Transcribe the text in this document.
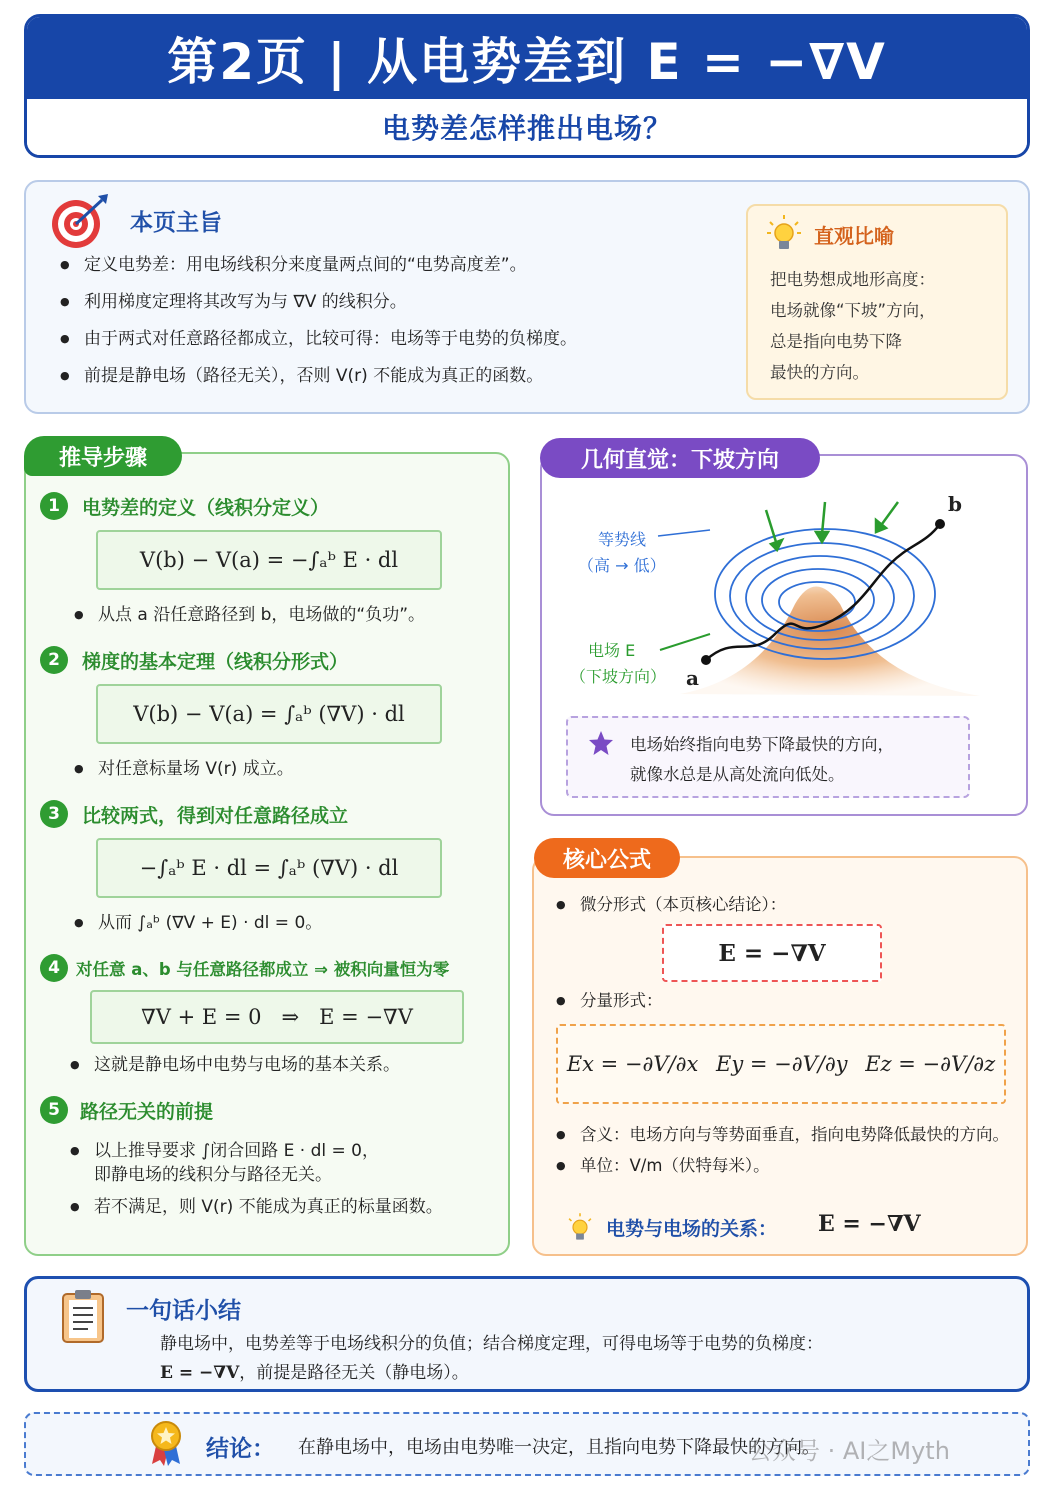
第2页 | 从电势差到 E = −∇V
电势差怎样推出电场？
本页主旨
● 定义电势差：用电场线积分来度量两点间的“电势高度差”。
● 利用梯度定理将其改写为与 ∇V 的线积分。
● 由于两式对任意路径都成立，比较可得：电场等于电势的负梯度。
● 前提是静电场（路径无关），否则 V(r) 不能成为真正的函数。
直观比喻
把电势想成地形高度：
电场就像“下坡”方向，
总是指向电势下降
最快的方向。
推导步骤
1	电势差的定义（线积分定义）
V(b) − V(a) = −∫ₐᵇ E · dl
● 从点 a 沿任意路径到 b，电场做的“负功”。
2	梯度的基本定理（线积分形式）
V(b) − V(a) = ∫ₐᵇ (∇V) · dl
● 对任意标量场 V(r) 成立。
3	比较两式，得到对任意路径成立
−∫ₐᵇ E · dl = ∫ₐᵇ (∇V) · dl
● 从而 ∫ₐᵇ (∇V + E) · dl = 0。
4 对任意 a、b 与任意路径都成立 ⇒ 被积向量恒为零
∇V + E = 0   ⇒   E = −∇V
● 这就是静电场中电势与电场的基本关系。
5	路径无关的前提
● 以上推导要求 ∫闭合回路 E · dl = 0，
即静电场的线积分与路径无关。
● 若不满足，则 V(r) 不能成为真正的标量函数。
几何直觉：下坡方向
等势线
（高 → 低）
电场 E
（下坡方向） a
b
电场始终指向电势下降最快的方向，
就像水总是从高处流向低处。
核心公式
● 微分形式（本页核心结论）：
E = −∇V
● 分量形式：
Ex = −∂V/∂x Ey = −∂V/∂y Ez = −∂V/∂z
● 含义：电场方向与等势面垂直，指向电势降低最快的方向。
● 单位：V/m（伏特每米）。
电势与电场的关系： E = −∇V
一句话小结
静电场中，电势差等于电场线积分的负值；结合梯度定理，可得电场等于电势的负梯度：
E = −∇V，前提是路径无关（静电场）。
结论： 在静电场中，电场由电势唯一决定，且指向电势下降最快的方向。
公众号 · AI之Myth
